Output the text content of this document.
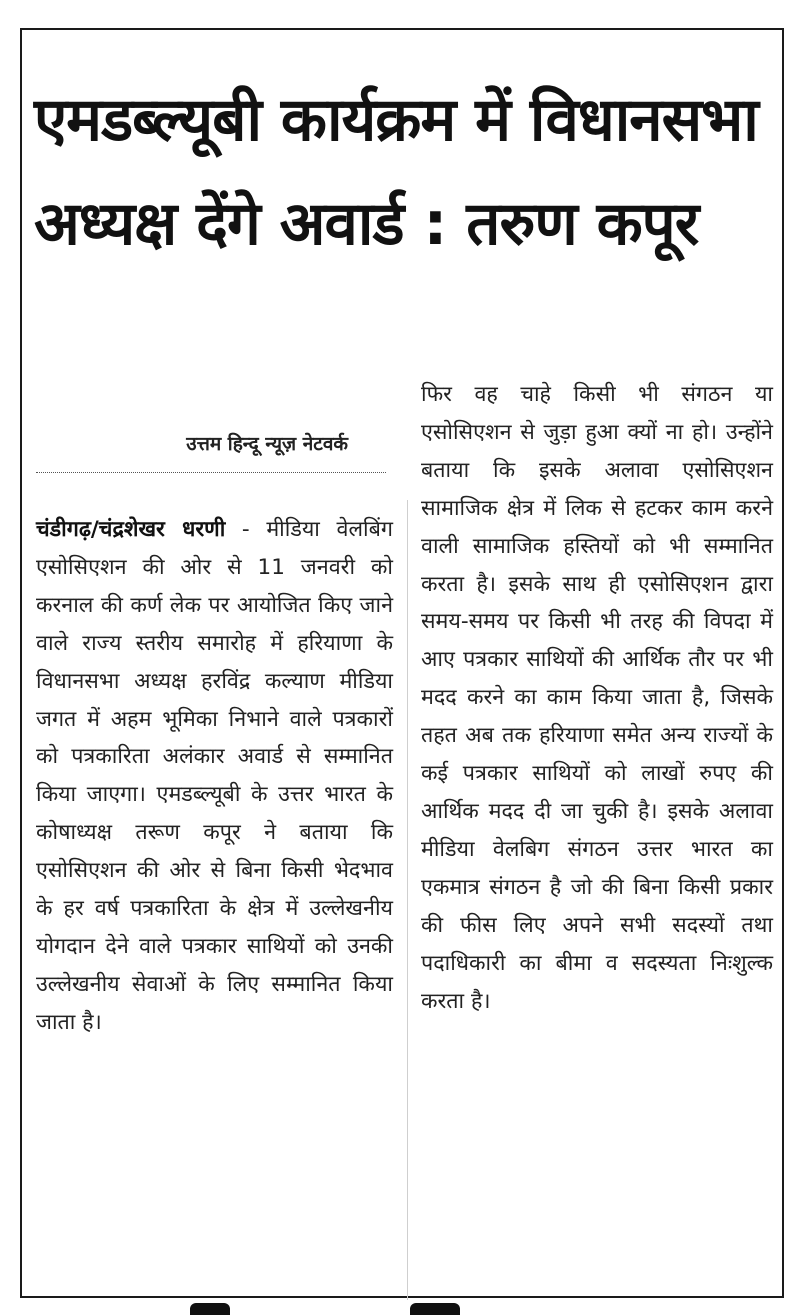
एमडब्ल्यूबी कार्यक्रम में विधानसभा अध्यक्ष देंगे अवार्ड : तरुण कपूर
उत्तम हिन्दू न्यूज़ नेटवर्क

चंडीगढ़/चंद्रशेखर धरणी - मीडिया वेलबिंग एसोसिएशन की ओर से 11 जनवरी को करनाल की कर्ण लेक पर आयोजित किए जाने वाले राज्य स्तरीय समारोह में हरियाणा के विधानसभा अध्यक्ष हरविंद्र कल्याण मीडिया जगत में अहम भूमिका निभाने वाले पत्रकारों को पत्रकारिता अलंकार अवार्ड से सम्मानित किया जाएगा। एमडब्ल्यूबी के उत्तर भारत के कोषाध्यक्ष तरूण कपूर ने बताया कि एसोसिएशन की ओर से बिना किसी भेदभाव के हर वर्ष पत्रकारिता के क्षेत्र में उल्लेखनीय योगदान देने वाले पत्रकार साथियों को उनकी उल्लेखनीय सेवाओं के लिए सम्मानित किया जाता है।

फिर वह चाहे किसी भी संगठन या एसोसिएशन से जुड़ा हुआ क्यों ना हो। उन्होंने बताया कि इसके अलावा एसोसिएशन सामाजिक क्षेत्र में लिक से हटकर काम करने वाली सामाजिक हस्तियों को भी सम्मानित करता है। इसके साथ ही एसोसिएशन द्वारा समय-समय पर किसी भी तरह की विपदा में आए पत्रकार साथियों की आर्थिक तौर पर भी मदद करने का काम किया जाता है, जिसके तहत अब तक हरियाणा समेत अन्य राज्यों के कई पत्रकार साथियों को लाखों रुपए की आर्थिक मदद दी जा चुकी है। इसके अलावा मीडिया वेलबिग संगठन उत्तर भारत का एकमात्र संगठन है जो की बिना किसी प्रकार की फीस लिए अपने सभी सदस्यों तथा पदाधिकारी का बीमा व सदस्यता निःशुल्क करता है।
